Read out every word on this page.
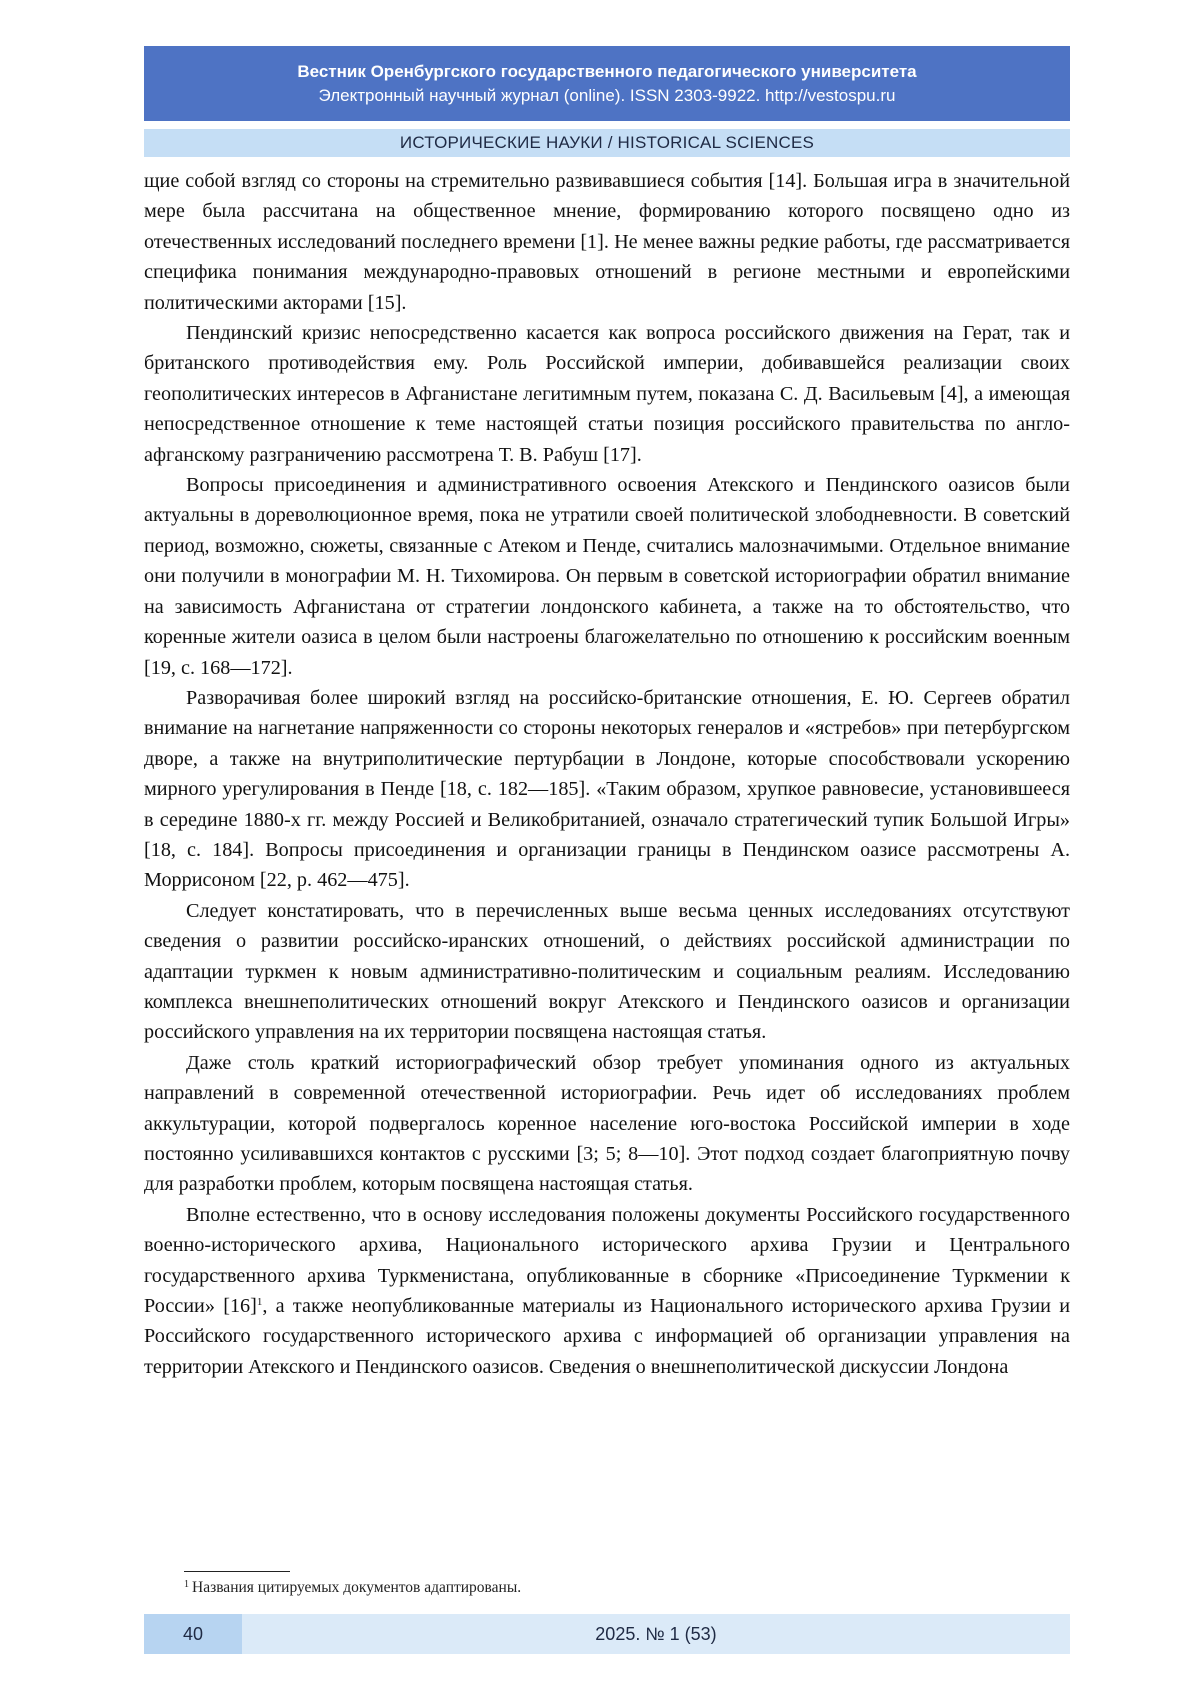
Вестник Оренбургского государственного педагогического университета
Электронный научный журнал (online). ISSN 2303-9922. http://vestospu.ru
ИСТОРИЧЕСКИЕ НАУКИ / HISTORICAL SCIENCES

щие собой взгляд со стороны на стремительно развивавшиеся события [14]. Большая игра в значительной мере была рассчитана на общественное мнение, формированию которого посвящено одно из отечественных исследований последнего времени [1]. Не менее важны редкие работы, где рассматривается специфика понимания международно-правовых отношений в регионе местными и европейскими политическими акторами [15].

Пендинский кризис непосредственно касается как вопроса российского движения на Герат, так и британского противодействия ему. Роль Российской империи, добивавшейся реализации своих геополитических интересов в Афганистане легитимным путем, показана С. Д. Васильевым [4], а имеющая непосредственное отношение к теме настоящей статьи позиция российского правительства по англо-афганскому разграничению рассмотрена Т. В. Рабуш [17].

Вопросы присоединения и административного освоения Атекского и Пендинского оазисов были актуальны в дореволюционное время, пока не утратили своей политической злободневности. В советский период, возможно, сюжеты, связанные с Атеком и Пенде, считались малозначимыми. Отдельное внимание они получили в монографии М. Н. Тихомирова. Он первым в советской историографии обратил внимание на зависимость Афганистана от стратегии лондонского кабинета, а также на то обстоятельство, что коренные жители оазиса в целом были настроены благожелательно по отношению к российским военным [19, с. 168—172].

Разворачивая более широкий взгляд на российско-британские отношения, Е. Ю. Сергеев обратил внимание на нагнетание напряженности со стороны некоторых генералов и «ястребов» при петербургском дворе, а также на внутриполитические пертурбации в Лондоне, которые способствовали ускорению мирного урегулирования в Пенде [18, с. 182—185]. «Таким образом, хрупкое равновесие, установившееся в середине 1880-х гг. между Россией и Великобританией, означало стратегический тупик Большой Игры» [18, с. 184]. Вопросы присоединения и организации границы в Пендинском оазисе рассмотрены А. Моррисоном [22, p. 462—475].

Следует констатировать, что в перечисленных выше весьма ценных исследованиях отсутствуют сведения о развитии российско-иранских отношений, о действиях российской администрации по адаптации туркмен к новым административно-политическим и социальным реалиям. Исследованию комплекса внешнеполитических отношений вокруг Атекского и Пендинского оазисов и организации российского управления на их территории посвящена настоящая статья.

Даже столь краткий историографический обзор требует упоминания одного из актуальных направлений в современной отечественной историографии. Речь идет об исследованиях проблем аккультурации, которой подвергалось коренное население юго-востока Российской империи в ходе постоянно усиливавшихся контактов с русскими [3; 5; 8—10]. Этот подход создает благоприятную почву для разработки проблем, которым посвящена настоящая статья.

Вполне естественно, что в основу исследования положены документы Российского государственного военно-исторического архива, Национального исторического архива Грузии и Центрального государственного архива Туркменистана, опубликованные в сборнике «Присоединение Туркмении к России» $[16]^1$, а также неопубликованные материалы из Национального исторического архива Грузии и Российского государственного исторического архива с информацией об организации управления на территории Атекского и Пендинского оазисов. Сведения о внешнеполитической дискуссии Лондона

$^1$ Названия цитируемых документов адаптированы.
40	2025. № 1 (53)
